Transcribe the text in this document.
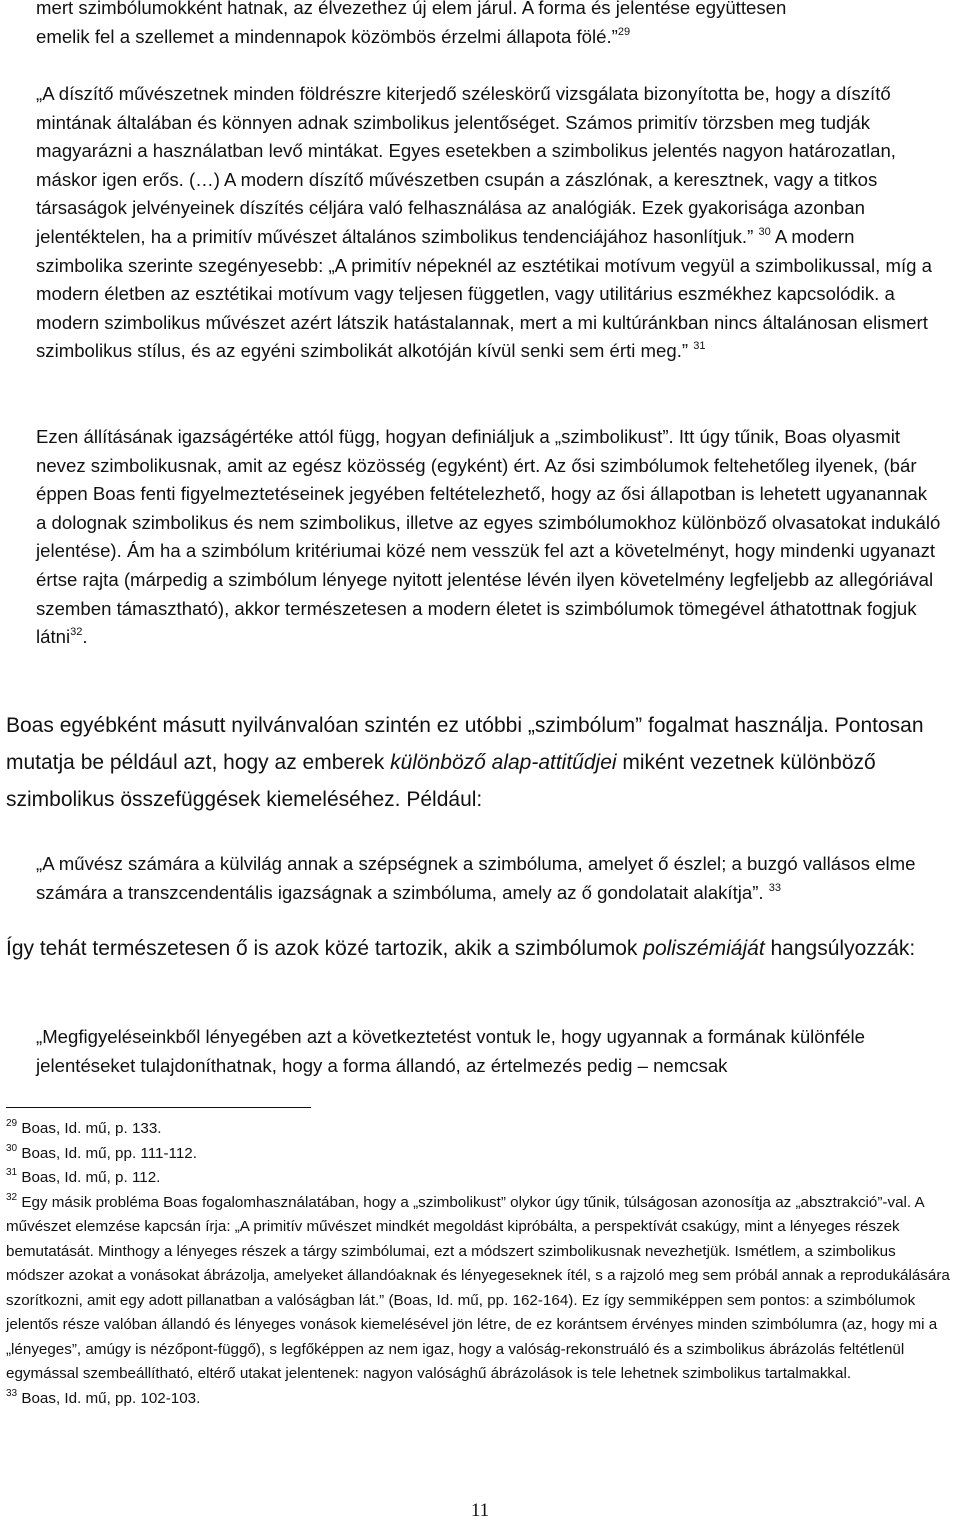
mert szimbólumokként hatnak, az élvezethez új elem járul. A forma és jelentése együttesen

emelik fel a szellemet a mindennapok közömbös érzelmi állapota fölé.”$^{29}$

„A díszítő művészetnek minden földrészre kiterjedő széleskörű vizsgálata bizonyította be, hogy a díszítő mintának általában és könnyen adnak szimbolikus jelentőséget. Számos primitív törzsben meg tudják magyarázni a használatban levő mintákat. Egyes esetekben a szimbolikus jelentés nagyon határozatlan, máskor igen erős. (…) A modern díszítő művészetben csupán a zászlónak, a keresztnek, vagy a titkos társaságok jelvényeinek díszítés céljára való felhasználása az analógiák. Ezek gyakorisága azonban jelentéktelen, ha a primitív művészet általános szimbolikus tendenciájához hasonlítjuk.” $^{30}$ A modern szimbolika szerinte szegényesebb: „A primitív népeknél az esztétikai motívum vegyül a szimbolikussal, míg a modern életben az esztétikai motívum vagy teljesen független, vagy utilitárius eszmékhez kapcsolódik. a modern szimbolikus művészet azért látszik hatástalannak, mert a mi kultúránkban nincs általánosan elismert szimbolikus stílus, és az egyéni szimbolikát alkotóján kívül senki sem érti meg.” $^{31}$

Ezen állításának igazságértéke attól függ, hogyan definiáljuk a „szimbolikust”. Itt úgy tűnik, Boas olyasmit nevez szimbolikusnak, amit az egész közösség (egyként) ért. Az ősi szimbólumok feltehetőleg ilyenek, (bár éppen Boas fenti figyelmeztetéseinek jegyében feltételezhető, hogy az ősi állapotban is lehetett ugyanannak a dolognak szimbolikus és nem szimbolikus, illetve az egyes szimbólumokhoz különböző olvasatokat indukáló jelentése). Ám ha a szimbólum kritériumai közé nem vesszük fel azt a követelményt, hogy mindenki ugyanazt értse rajta (márpedig a szimbólum lényege nyitott jelentése lévén ilyen követelmény legfeljebb az allegóriával szemben támasztható), akkor természetesen a modern életet is szimbólumok tömegével áthatottnak fogjuk látni$^{32}$.

Boas egyébként másutt nyilvánvalóan szintén ez utóbbi „szimbólum” fogalmat használja. Pontosan mutatja be például azt, hogy az emberek különböző alap-attitűdjei miként vezetnek különböző szimbolikus összefüggések kiemeléséhez. Például:

„A művész számára a külvilág annak a szépségnek a szimbóluma, amelyet ő észlel; a buzgó vallásos elme számára a transzcendentális igazságnak a szimbóluma, amely az ő gondolatait alakítja”. $^{33}$

Így tehát természetesen ő is azok közé tartozik, akik a szimbólumok poliszémiáját hangsúlyozzák:

„Megfigyeléseinkből lényegében azt a következtetést vontuk le, hogy ugyannak a formának különféle jelentéseket tulajdoníthatnak, hogy a forma állandó, az értelmezés pedig – nemcsak

$^{29}$ Boas, Id. mű, p. 133.

$^{30}$ Boas, Id. mű, pp. 111-112.

$^{31}$ Boas, Id. mű, p. 112.

$^{32}$ Egy másik probléma Boas fogalomhasználatában, hogy a „szimbolikust” olykor úgy tűnik, túlságosan azonosítja az „absztrakció”-val. A művészet elemzése kapcsán írja: „A primitív művészet mindkét megoldást kipróbálta, a perspektívát csakúgy, mint a lényeges részek bemutatását. Minthogy a lényeges részek a tárgy szimbólumai, ezt a módszert szimbolikusnak nevezhetjük. Ismétlem, a szimbolikus módszer azokat a vonásokat ábrázolja, amelyeket állandóaknak és lényegeseknek ítél, s a rajzoló meg sem próbál annak a reprodukálására szorítkozni, amit egy adott pillanatban a valóságban lát.” (Boas, Id. mű, pp. 162-164). Ez így semmiképpen sem pontos: a szimbólumok jelentős része valóban állandó és lényeges vonások kiemelésével jön létre, de ez korántsem érvényes minden szimbólumra (az, hogy mi a „lényeges”, amúgy is nézőpont-függő), s legfőképpen az nem igaz, hogy a valóság-rekonstruáló és a szimbolikus ábrázolás feltétlenül egymással szembeállítható, eltérő utakat jelentenek: nagyon valósághű ábrázolások is tele lehetnek szimbolikus tartalmakkal.

$^{33}$ Boas, Id. mű, pp. 102-103.

11
